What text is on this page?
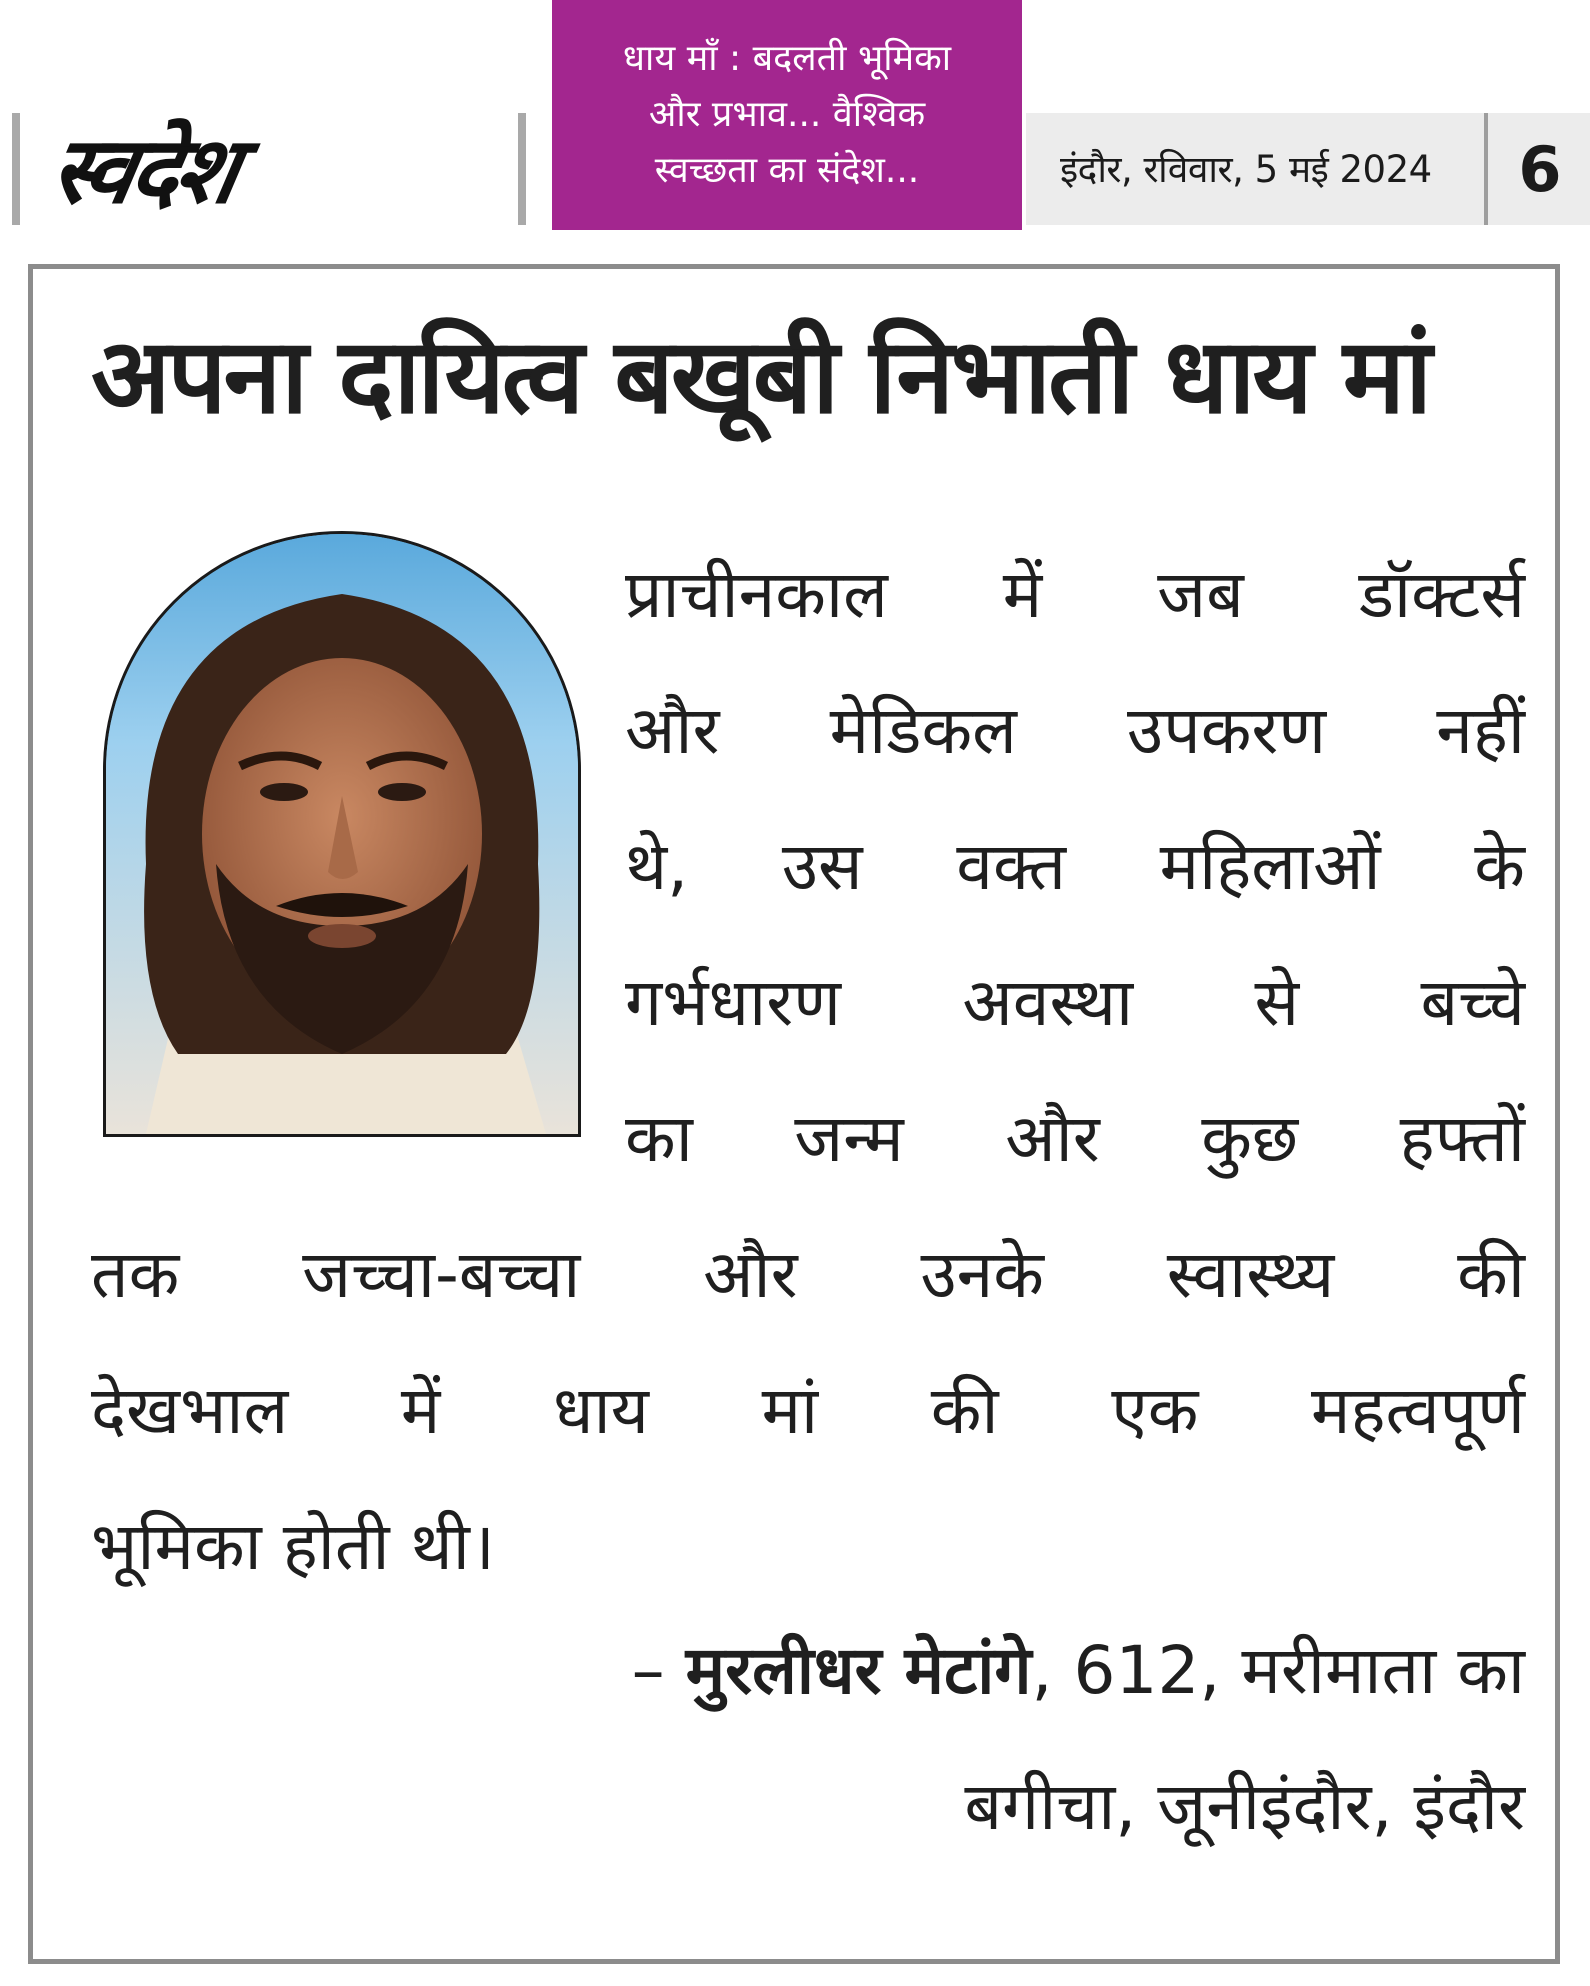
स्वदेश
धाय माँ : बदलती भूमिका
और प्रभाव... वैश्विक
स्वच्छता का संदेश...	इंदौर, रविवार, 5 मई 2024	6
अपना दायित्व बखूबी निभाती धाय मां
प्राचीनकाल में जब डॉक्टर्स
और मेडिकल उपकरण नहीं
थे, उस वक्त महिलाओं के
गर्भधारण अवस्था से बच्चे
का जन्म और कुछ हफ्तों
तक जच्चा-बच्चा और उनके स्वास्थ्य की
देखभाल में धाय मां की एक महत्वपूर्ण
भूमिका होती थी।
– मुरलीधर मेटांगे, 612, मरीमाता का
बगीचा, जूनीइंदौर, इंदौर
